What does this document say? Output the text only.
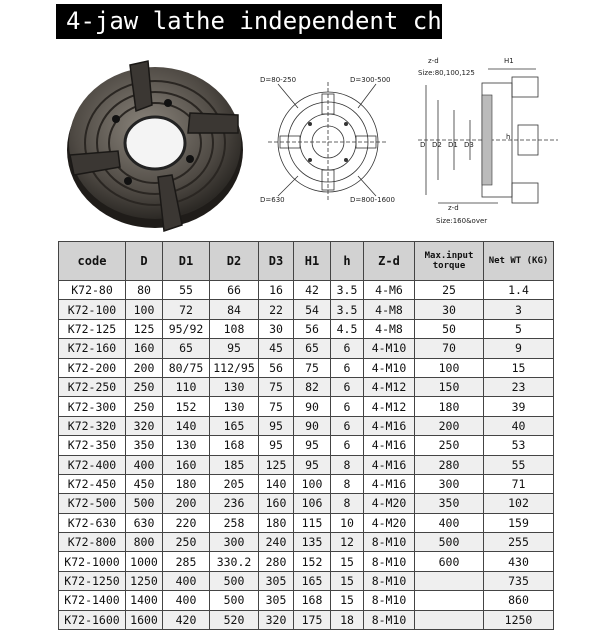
4-jaw lathe independent chuck
D=80-250	D=300-500
D=630	D=800-1600
z-d	H1
Size:80,100,125
D D2 D1 D3
h
z-d
Size:160&over
code	D	D1	D2	D3	H1	h	Z-d	Max.input torque	Net WT (KG)
K72-80	80	55	66	16	42	3.5	4-M6	25	1.4
K72-100	100	72	84	22	54	3.5	4-M8	30	3
K72-125	125	95/92	108	30	56	4.5	4-M8	50	5
K72-160	160	65	95	45	65	6	4-M10	70	9
K72-200	200	80/75	112/95	56	75	6	4-M10	100	15
K72-250	250	110	130	75	82	6	4-M12	150	23
K72-300	250	152	130	75	90	6	4-M12	180	39
K72-320	320	140	165	95	90	6	4-M16	200	40
K72-350	350	130	168	95	95	6	4-M16	250	53
K72-400	400	160	185	125	95	8	4-M16	280	55
K72-450	450	180	205	140	100	8	4-M16	300	71
K72-500	500	200	236	160	106	8	4-M20	350	102
K72-630	630	220	258	180	115	10	4-M20	400	159
K72-800	800	250	300	240	135	12	8-M10	500	255
K72-1000	1000	285	330.2	280	152	15	8-M10	600	430
K72-1250	1250	400	500	305	165	15	8-M10		735
K72-1400	1400	400	500	305	168	15	8-M10		860
K72-1600	1600	420	520	320	175	18	8-M10		1250
